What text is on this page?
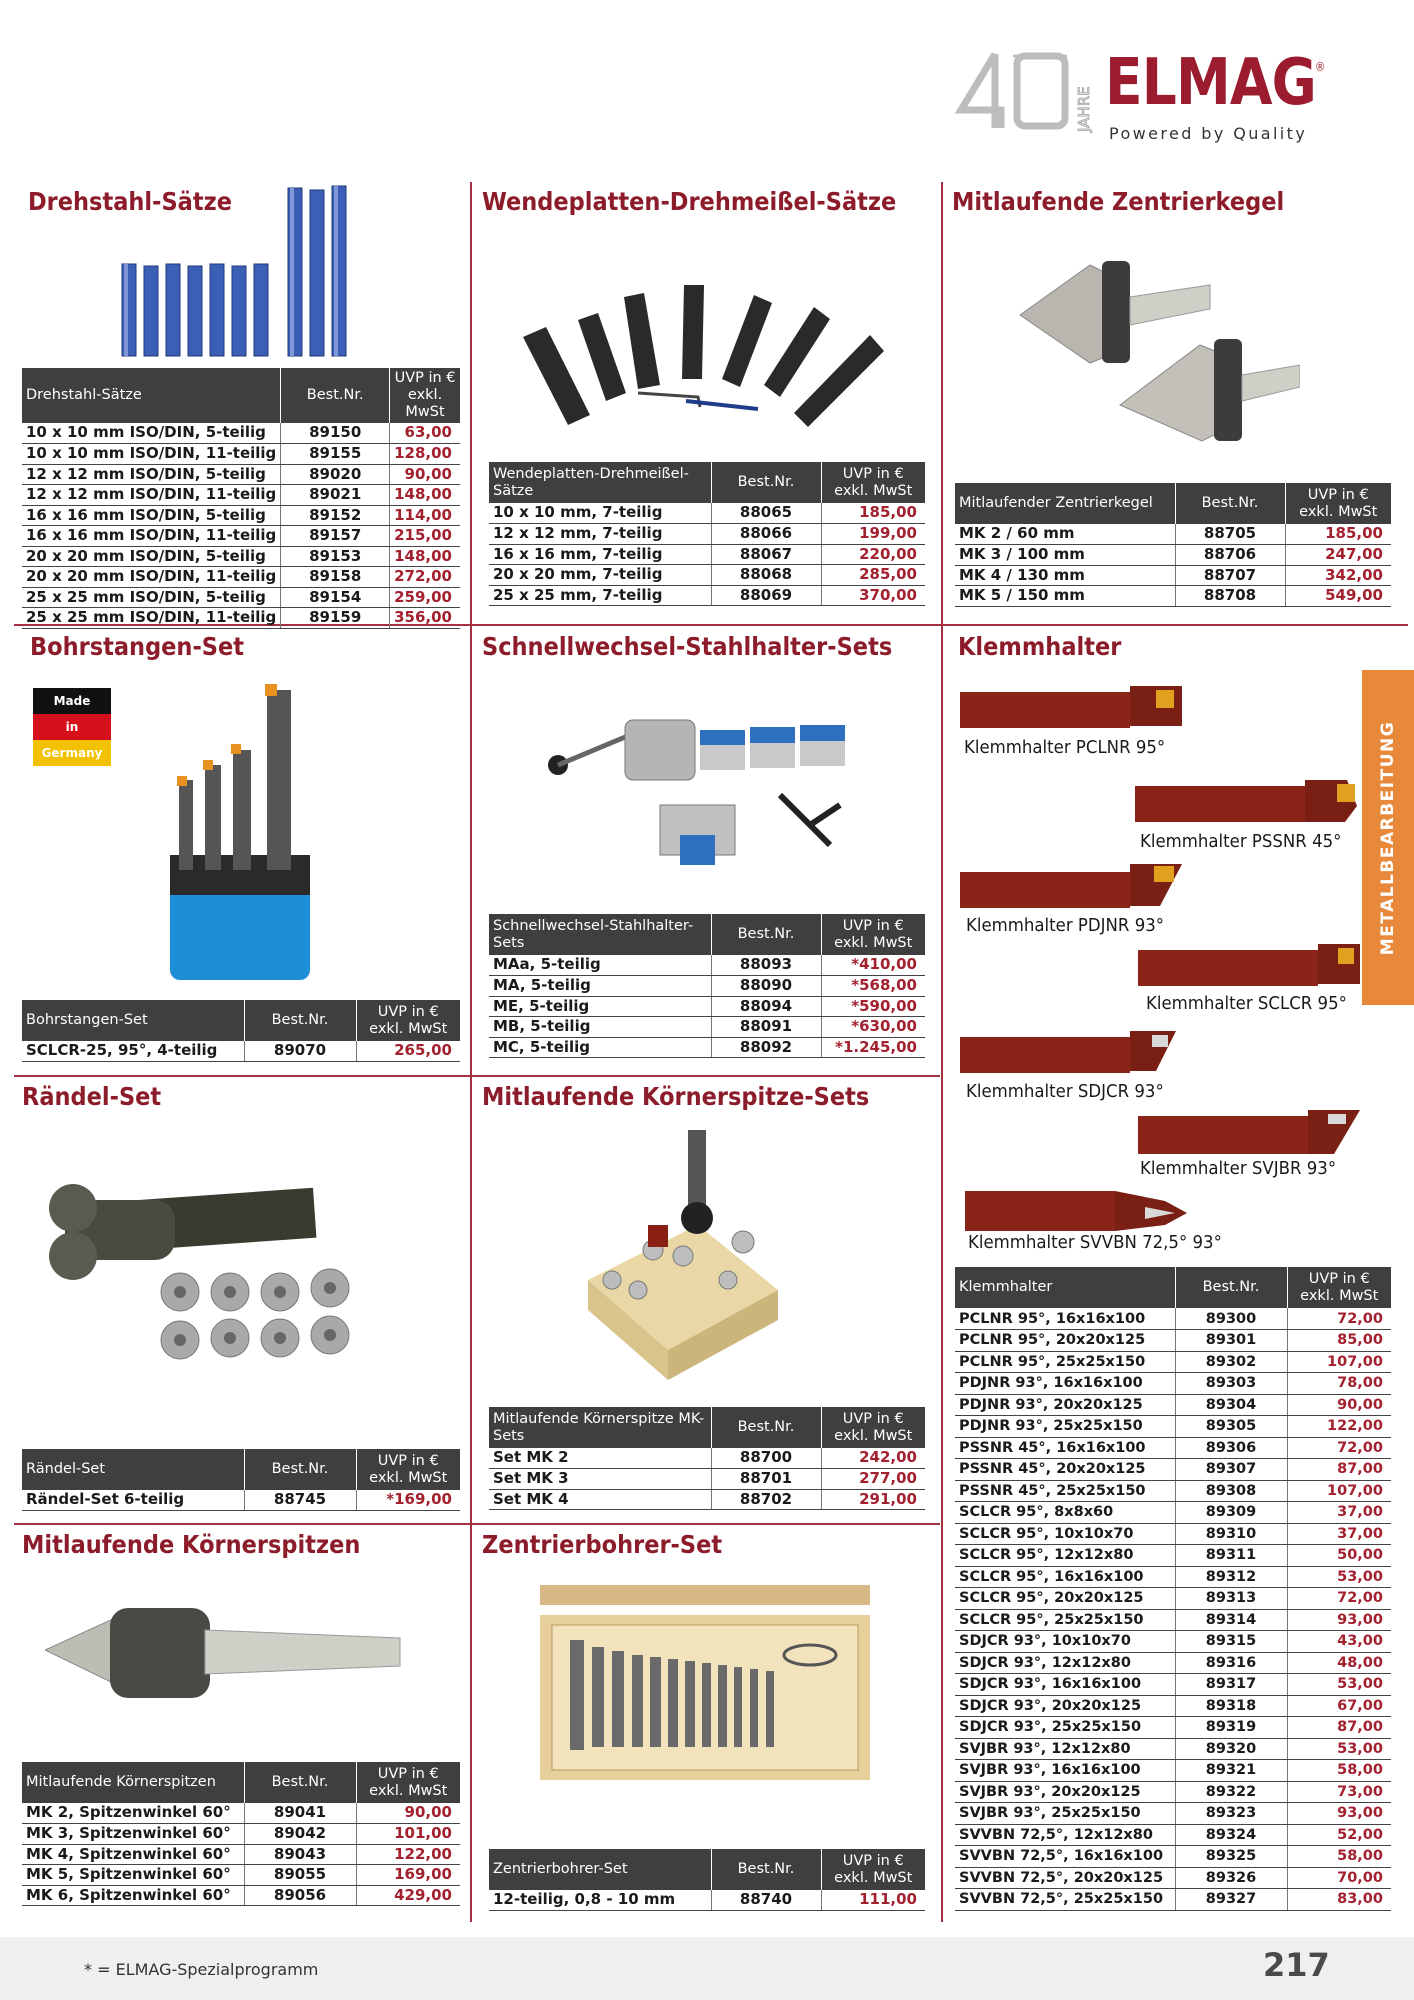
JAHRE ELMAG ®
Powered by Quality
METALLBEARBEITUNG
Drehstahl-Sätze
Drehstahl-Sätze	Best.Nr.	UVP in € exkl. MwSt
10 x 10 mm ISO/DIN, 5-teilig	89150	63,00
10 x 10 mm ISO/DIN, 11-teilig	89155	128,00
12 x 12 mm ISO/DIN, 5-teilig	89020	90,00
12 x 12 mm ISO/DIN, 11-teilig	89021	148,00
16 x 16 mm ISO/DIN, 5-teilig	89152	114,00
16 x 16 mm ISO/DIN, 11-teilig	89157	215,00
20 x 20 mm ISO/DIN, 5-teilig	89153	148,00
20 x 20 mm ISO/DIN, 11-teilig	89158	272,00
25 x 25 mm ISO/DIN, 5-teilig	89154	259,00
25 x 25 mm ISO/DIN, 11-teilig	89159	356,00
Wendeplatten-Drehmeißel-Sätze
Wendeplatten-Drehmeißel-Sätze	Best.Nr.	UVP in € exkl. MwSt
10 x 10 mm, 7-teilig	88065	185,00
12 x 12 mm, 7-teilig	88066	199,00
16 x 16 mm, 7-teilig	88067	220,00
20 x 20 mm, 7-teilig	88068	285,00
25 x 25 mm, 7-teilig	88069	370,00
Mitlaufende Zentrierkegel
Mitlaufender Zentrierkegel	Best.Nr.	UVP in € exkl. MwSt
MK 2 / 60 mm	88705	185,00
MK 3 / 100 mm	88706	247,00
MK 4 / 130 mm	88707	342,00
MK 5 / 150 mm	88708	549,00
Bohrstangen-Set
Made
in
Germany
Bohrstangen-Set	Best.Nr.	UVP in € exkl. MwSt
SCLCR-25, 95°, 4-teilig	89070	265,00
Schnellwechsel-Stahlhalter-Sets
Schnellwechsel-Stahlhalter-Sets	Best.Nr.	UVP in € exkl. MwSt
MAa, 5-teilig	88093	*410,00
MA, 5-teilig	88090	*568,00
ME, 5-teilig	88094	*590,00
MB, 5-teilig	88091	*630,00
MC, 5-teilig	88092	*1.245,00
Klemmhalter
Klemmhalter PCLNR 95°
Klemmhalter PSSNR 45°
Klemmhalter PDJNR 93°
Klemmhalter SCLCR 95°
Klemmhalter SDJCR 93°
Klemmhalter SVJBR 93°
Klemmhalter SVVBN 72,5° 93°
Klemmhalter	Best.Nr.	UVP in € exkl. MwSt
PCLNR 95°, 16x16x100	89300	72,00
PCLNR 95°, 20x20x125	89301	85,00
PCLNR 95°, 25x25x150	89302	107,00
PDJNR 93°, 16x16x100	89303	78,00
PDJNR 93°, 20x20x125	89304	90,00
PDJNR 93°, 25x25x150	89305	122,00
PSSNR 45°, 16x16x100	89306	72,00
PSSNR 45°, 20x20x125	89307	87,00
PSSNR 45°, 25x25x150	89308	107,00
SCLCR 95°, 8x8x60	89309	37,00
SCLCR 95°, 10x10x70	89310	37,00
SCLCR 95°, 12x12x80	89311	50,00
SCLCR 95°, 16x16x100	89312	53,00
SCLCR 95°, 20x20x125	89313	72,00
SCLCR 95°, 25x25x150	89314	93,00
SDJCR 93°, 10x10x70	89315	43,00
SDJCR 93°, 12x12x80	89316	48,00
SDJCR 93°, 16x16x100	89317	53,00
SDJCR 93°, 20x20x125	89318	67,00
SDJCR 93°, 25x25x150	89319	87,00
SVJBR 93°, 12x12x80	89320	53,00
SVJBR 93°, 16x16x100	89321	58,00
SVJBR 93°, 20x20x125	89322	73,00
SVJBR 93°, 25x25x150	89323	93,00
SVVBN 72,5°, 12x12x80	89324	52,00
SVVBN 72,5°, 16x16x100	89325	58,00
SVVBN 72,5°, 20x20x125	89326	70,00
SVVBN 72,5°, 25x25x150	89327	83,00
Rändel-Set
Rändel-Set	Best.Nr.	UVP in € exkl. MwSt
Rändel-Set 6-teilig	88745	*169,00
Mitlaufende Körnerspitze-Sets
Mitlaufende Körnerspitze MK-Sets	Best.Nr.	UVP in € exkl. MwSt
Set MK 2	88700	242,00
Set MK 3	88701	277,00
Set MK 4	88702	291,00
Mitlaufende Körnerspitzen
Mitlaufende Körnerspitzen	Best.Nr.	UVP in € exkl. MwSt
MK 2, Spitzenwinkel 60°	89041	90,00
MK 3, Spitzenwinkel 60°	89042	101,00
MK 4, Spitzenwinkel 60°	89043	122,00
MK 5, Spitzenwinkel 60°	89055	169,00
MK 6, Spitzenwinkel 60°	89056	429,00
Zentrierbohrer-Set
Zentrierbohrer-Set	Best.Nr.	UVP in € exkl. MwSt
12-teilig, 0,8 - 10 mm	88740	111,00
* = ELMAG-Spezialprogramm	217
